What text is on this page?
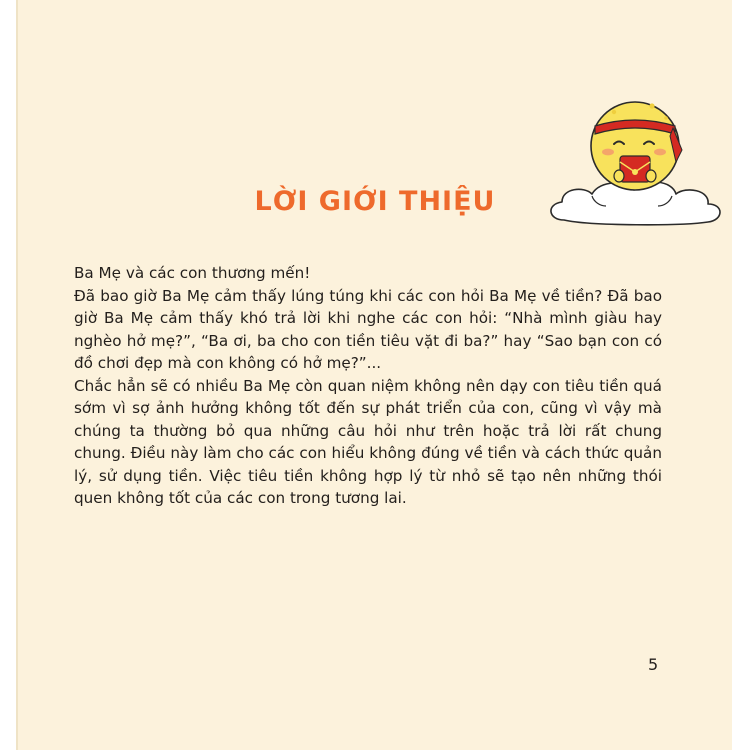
LỜI GIỚI THIỆU

Ba Mẹ và các con thương mến!

Đã bao giờ Ba Mẹ cảm thấy lúng túng khi các con hỏi Ba Mẹ về tiền? Đã bao giờ Ba Mẹ cảm thấy khó trả lời khi nghe các con hỏi: “Nhà mình giàu hay nghèo hở mẹ?”, “Ba ơi, ba cho con tiền tiêu vặt đi ba?” hay “Sao bạn con có đồ chơi đẹp mà con không có hở mẹ?”...

Chắc hẳn sẽ có nhiều Ba Mẹ còn quan niệm không nên dạy con tiêu tiền quá sớm vì sợ ảnh hưởng không tốt đến sự phát triển của con, cũng vì vậy mà chúng ta thường bỏ qua những câu hỏi như trên hoặc trả lời rất chung chung. Điều này làm cho các con hiểu không đúng về tiền và cách thức quản lý, sử dụng tiền. Việc tiêu tiền không hợp lý từ nhỏ sẽ tạo nên những thói quen không tốt của các con trong tương lai.

5
